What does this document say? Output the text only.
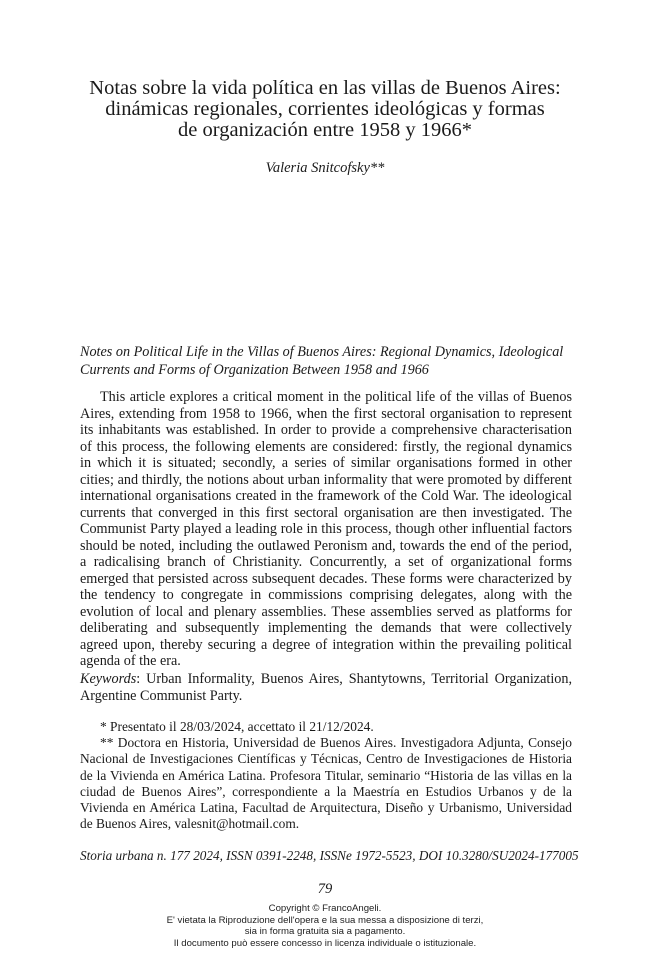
Notas sobre la vida política en las villas de Buenos Aires:
dinámicas regionales, corrientes ideológicas y formas
de organización entre 1958 y 1966*
Valeria Snitcofsky**
Notes on Political Life in the Villas of Buenos Aires: Regional Dynamics, Ideological Currents and Forms of Organization Between 1958 and 1966

This article explores a critical moment in the political life of the villas of Buenos Aires, extending from 1958 to 1966, when the first sectoral organisation to represent its inhabitants was established. In order to provide a comprehensive characterisation of this process, the following elements are considered: firstly, the regional dynamics in which it is situated; secondly, a series of similar organisations formed in other cities; and thirdly, the notions about urban informality that were promoted by different international organisations created in the framework of the Cold War. The ideological currents that converged in this first sectoral organisation are then investigated. The Communist Party played a leading role in this process, though other influential factors should be noted, including the outlawed Peronism and, towards the end of the period, a radicalising branch of Christianity. Concurrently, a set of organizational forms emerged that persisted across subsequent decades. These forms were characterized by the tendency to congregate in commissions comprising delegates, along with the evolution of local and plenary assemblies. These assemblies served as platforms for deliberating and subsequently implementing the demands that were collectively agreed upon, thereby securing a degree of integration within the prevailing political agenda of the era.

Keywords: Urban Informality, Buenos Aires, Shantytowns, Territorial Organization, Argentine Communist Party.

* Presentato il 28/03/2024, accettato il 21/12/2024.

** Doctora en Historia, Universidad de Buenos Aires. Investigadora Adjunta, Consejo Nacional de Investigaciones Científicas y Técnicas, Centro de Investigaciones de Historia de la Vivienda en América Latina. Profesora Titular, seminario “Historia de las villas en la ciudad de Buenos Aires”, correspondiente a la Maestría en Estudios Urbanos y de la Vivienda en América Latina, Facultad de Arquitectura, Diseño y Urbanismo, Universidad de Buenos Aires, valesnit@hotmail.com.

Storia urbana n. 177 2024, ISSN 0391-2248, ISSNe 1972-5523, DOI 10.3280/SU2024-177005
79
Copyright © FrancoAngeli.
E' vietata la Riproduzione dell'opera e la sua messa a disposizione di terzi,
sia in forma gratuita sia a pagamento.
Il documento può essere concesso in licenza individuale o istituzionale.
